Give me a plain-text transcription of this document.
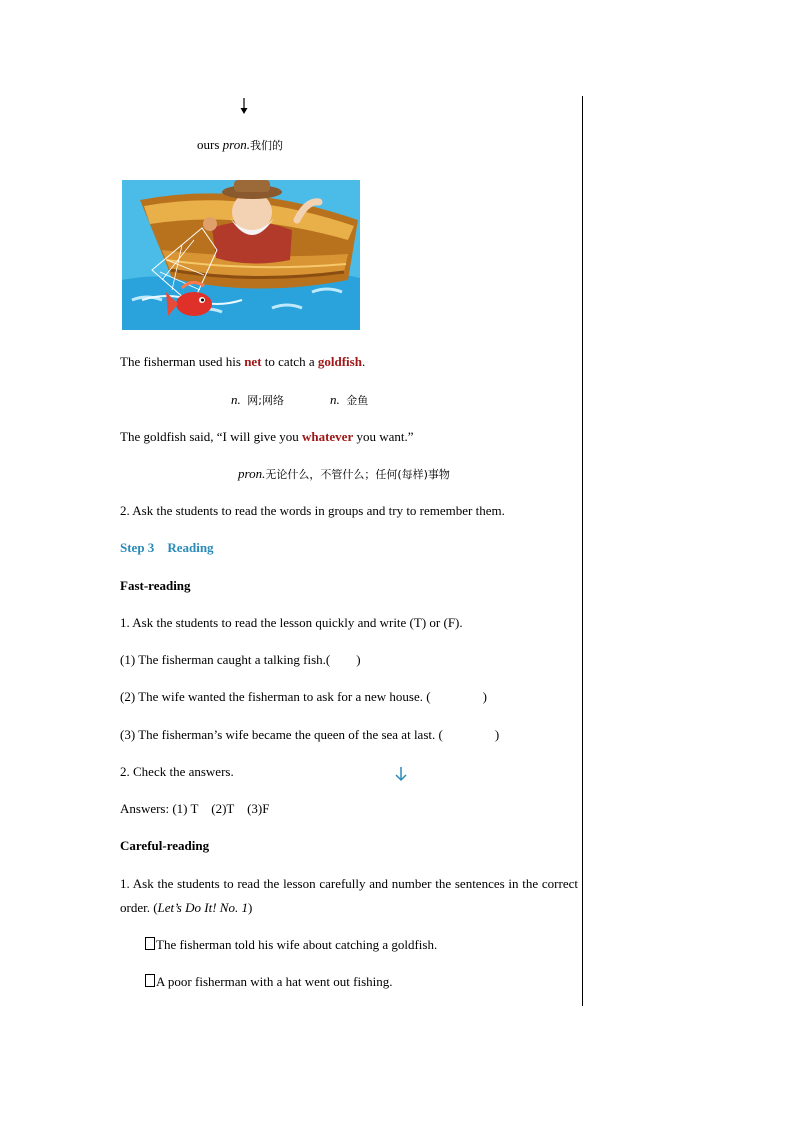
ours pron.我们的
The fisherman used his net to catch a goldfish.
n. 网;网络	n. 金鱼
The goldfish said, “I will give you whatever you want.”
pron.无论什么，不管什么；任何(每样)事物
2. Ask the students to read the words in groups and try to remember them.
Step 3 Reading
Fast-reading
1. Ask the students to read the lesson quickly and write (T) or (F).
(1) The fisherman caught a talking fish.(        )
(2) The wife wanted the fisherman to ask for a new house. (                )
(3) The fisherman’s wife became the queen of the sea at last. (                )
2. Check the answers.
Answers: (1) T    (2)T    (3)F
Careful-reading
1. Ask the students to read the lesson carefully and number the sentences in the correct order. (Let’s Do It! No. 1)
The fisherman told his wife about catching a goldfish.
A poor fisherman with a hat went out fishing.
